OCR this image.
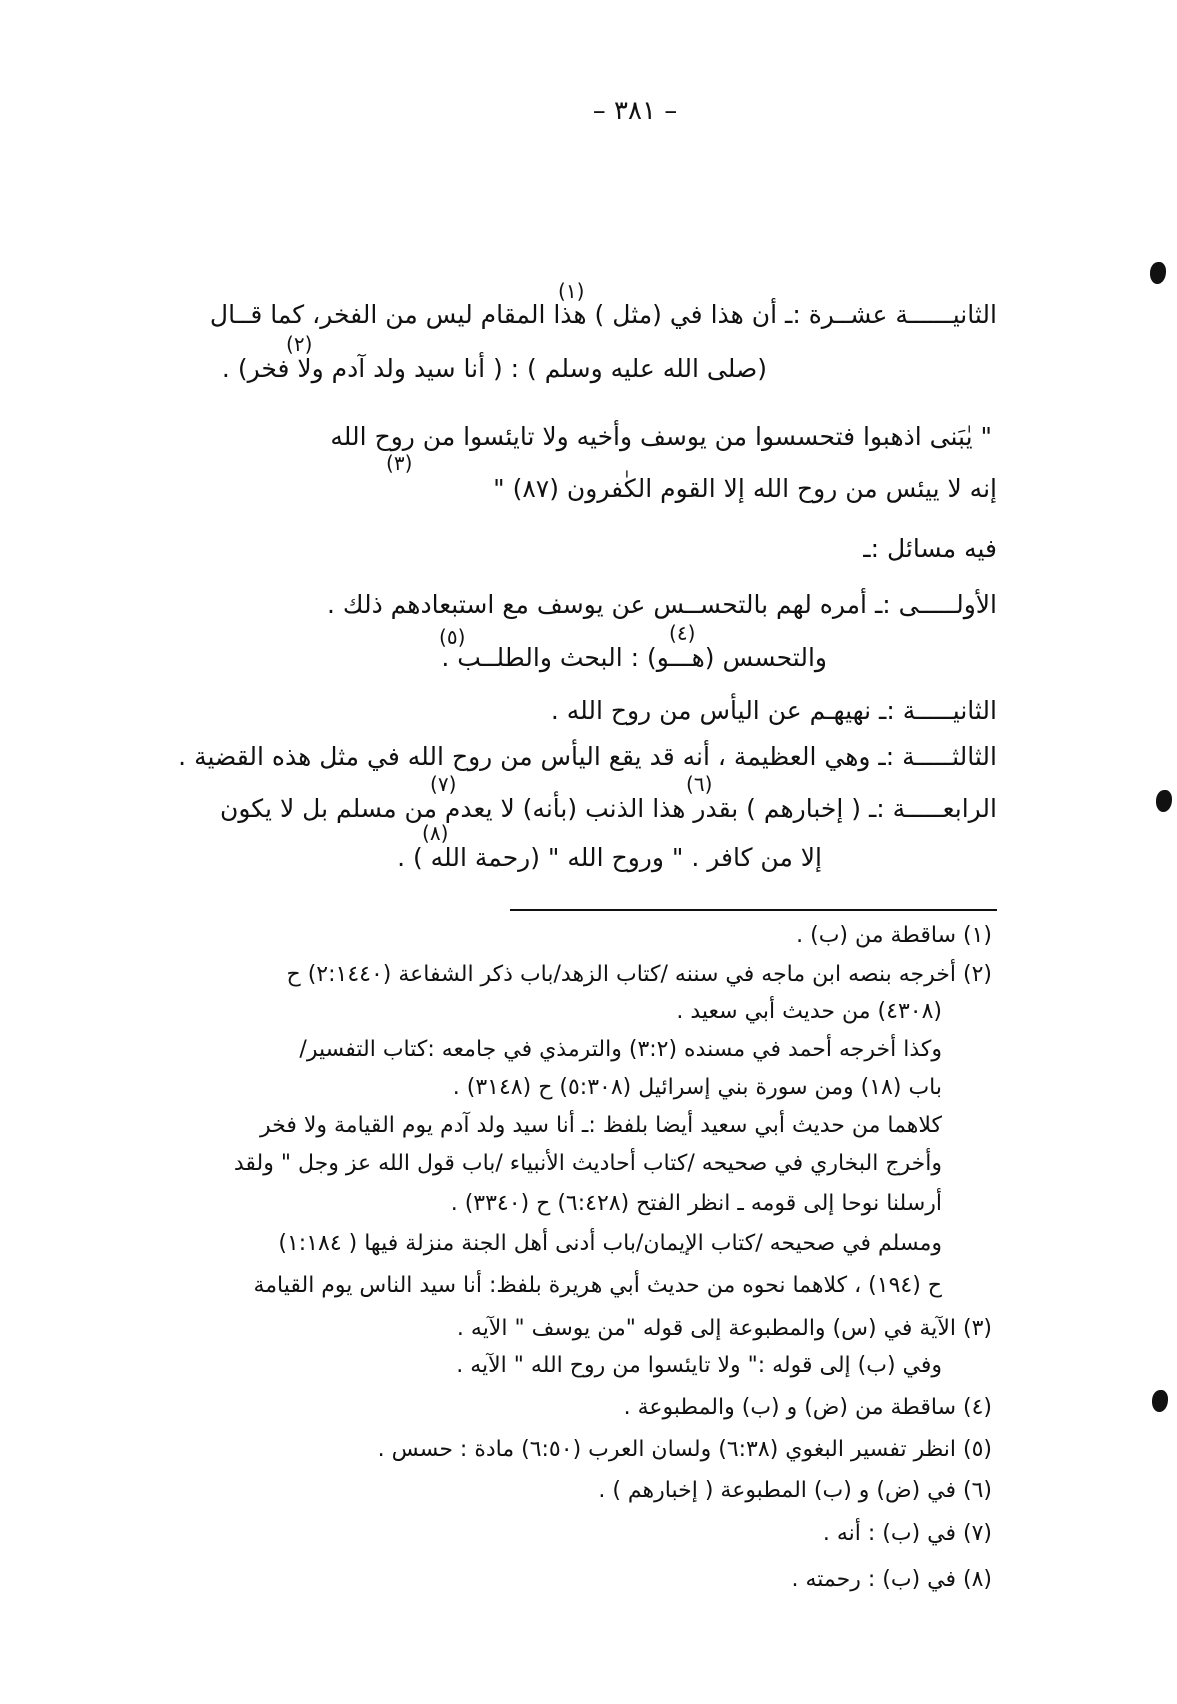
– ٣٨١ –
(١)
الثانيــــــة عشــرة :ـ أن هذا في (مثل ) هذا المقام ليس من الفخر، كما قــال
(٢)
(صلى الله عليه وسلم ) : ( أنا سيد ولد آدم ولا فخر) .
" يٰبَنى اذهبوا فتحسسوا من يوسف وأخيه ولا تايئسوا من روح الله
(٣)
إنه لا ييئس من روح الله إلا القوم الكٰفرون (٨٧) "
فيه مسائل :ـ
الأولـــــى :ـ أمره لهم بالتحســس عن يوسف مع استبعادهم ذلك .
(٤)
(٥)
والتحسس (هـــو) : البحث والطلــب .
الثانيـــــة :ـ نهيهـم عن اليأس من روح الله .
الثالثـــــة :ـ وهي العظيمة ، أنه قد يقع اليأس من روح الله في مثل هذه القضية .
(٦)
(٧)
الرابعـــــة :ـ ( إخبارهم ) بقدر هذا الذنب (بأنه) لا يعدم من مسلم بل لا يكون
(٨)
إلا من كافر . " وروح الله " (رحمة الله ) .
(١) ساقطة من (ب) .
(٢) أخرجه بنصه ابن ماجه في سننه /كتاب الزهد/باب ذكر الشفاعة (٢:١٤٤٠) ح
(٤٣٠٨) من حديث أبي سعيد .
وكذا أخرجه أحمد في مسنده (٣:٢) والترمذي في جامعه :كتاب التفسير/
باب (١٨) ومن سورة بني إسرائيل (٥:٣٠٨) ح (٣١٤٨) .
كلاهما من حديث أبي سعيد أيضا بلفظ :ـ أنا سيد ولد آدم يوم القيامة ولا فخر
وأخرج البخاري في صحيحه /كتاب أحاديث الأنبياء /باب قول الله عز وجل " ولقد
أرسلنا نوحا إلى قومه ـ انظر الفتح (٦:٤٢٨) ح (٣٣٤٠) .
ومسلم في صحيحه /كتاب الإيمان/باب أدنى أهل الجنة منزلة فيها ( ١:١٨٤)
ح (١٩٤) ، كلاهما نحوه من حديث أبي هريرة بلفظ: أنا سيد الناس يوم القيامة
(٣) الآية في (س) والمطبوعة إلى قوله "من يوسف " الآيه .
وفي (ب) إلى قوله :" ولا تايئسوا من روح الله " الآيه .
(٤) ساقطة من (ض) و (ب) والمطبوعة .
(٥) انظر تفسير البغوي (٦:٣٨) ولسان العرب (٦:٥٠) مادة : حسس .
(٦) في (ض) و (ب) المطبوعة ( إخبارهم ) .
(٧) في (ب) : أنه .
(٨) في (ب) : رحمته .
